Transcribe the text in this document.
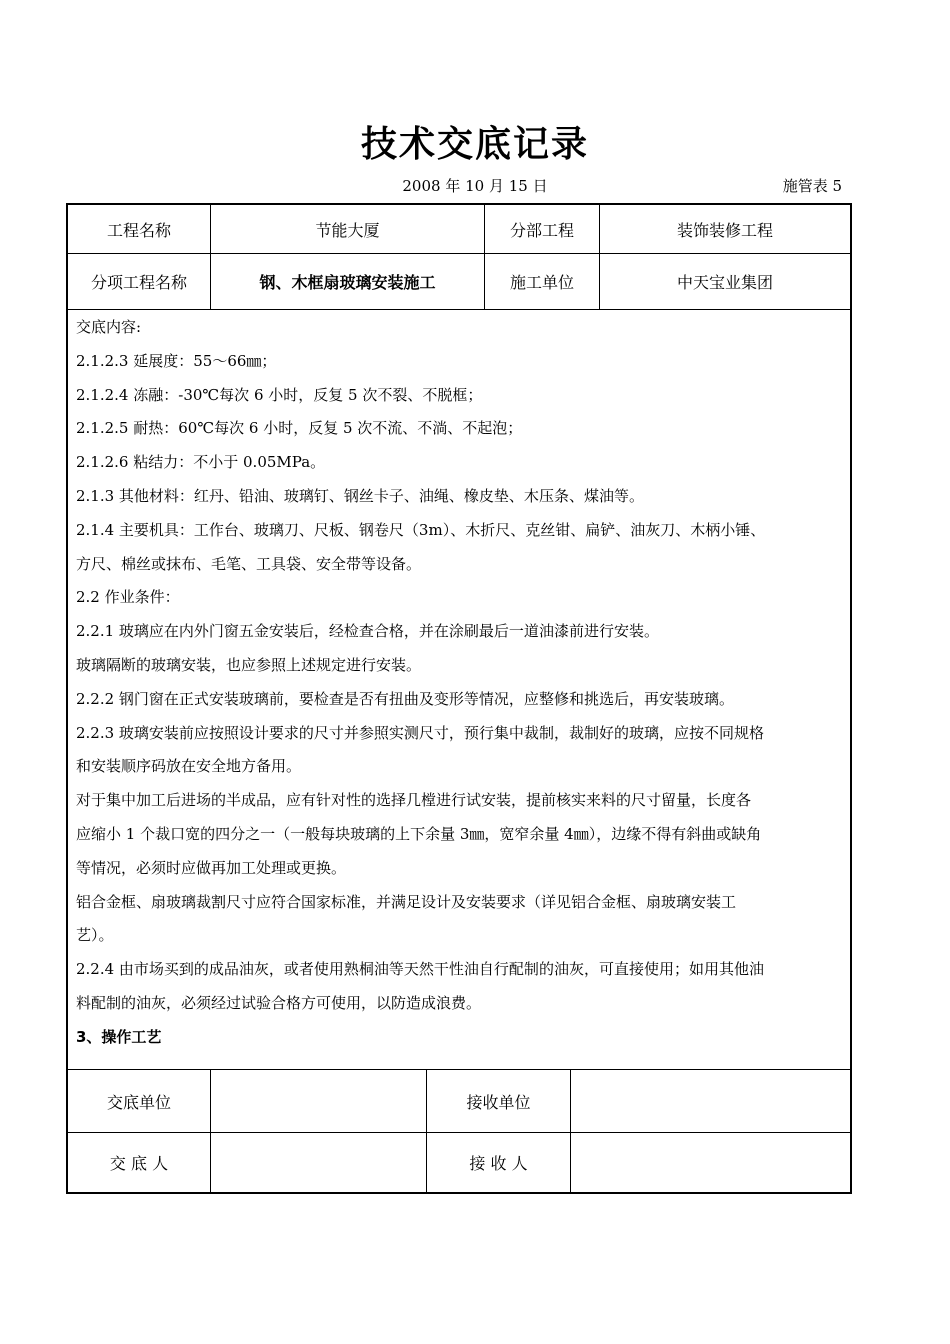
技术交底记录
2008 年 10 月 15 日	施管表 5
工程名称	节能大厦	分部工程	装饰装修工程
分项工程名称	钢、木框扇玻璃安装施工	施工单位	中天宝业集团
交底内容:
2.1.2.3 延展度：55～66㎜；
2.1.2.4 冻融：-30℃每次 6 小时，反复 5 次不裂、不脱框；
2.1.2.5 耐热：60℃每次 6 小时，反复 5 次不流、不淌、不起泡；
2.1.2.6 粘结力：不小于 0.05MPa。
2.1.3 其他材料：红丹、铅油、玻璃钉、钢丝卡子、油绳、橡皮垫、木压条、煤油等。
2.1.4 主要机具：工作台、玻璃刀、尺板、钢卷尺（3m）、木折尺、克丝钳、扁铲、油灰刀、木柄小锤、
方尺、棉丝或抹布、毛笔、工具袋、安全带等设备。
2.2 作业条件：
2.2.1 玻璃应在内外门窗五金安装后，经检查合格，并在涂刷最后一道油漆前进行安装。
玻璃隔断的玻璃安装，也应参照上述规定进行安装。
2.2.2 钢门窗在正式安装玻璃前，要检查是否有扭曲及变形等情况，应整修和挑选后，再安装玻璃。
2.2.3 玻璃安装前应按照设计要求的尺寸并参照实测尺寸，预行集中裁制，裁制好的玻璃，应按不同规格
和安装顺序码放在安全地方备用。
对于集中加工后进场的半成品，应有针对性的选择几樘进行试安装，提前核实来料的尺寸留量，长度各
应缩小 1 个裁口宽的四分之一（一般每块玻璃的上下余量 3㎜，宽窄余量 4㎜），边缘不得有斜曲或缺角
等情况，必须时应做再加工处理或更换。
铝合金框、扇玻璃裁割尺寸应符合国家标准，并满足设计及安装要求（详见铝合金框、扇玻璃安装工
艺）。
2.2.4 由市场买到的成品油灰，或者使用熟桐油等天然干性油自行配制的油灰，可直接使用；如用其他油
料配制的油灰，必须经过试验合格方可使用，以防造成浪费。
3、操作工艺
交底单位	接收单位
交 底 人	接 收 人
